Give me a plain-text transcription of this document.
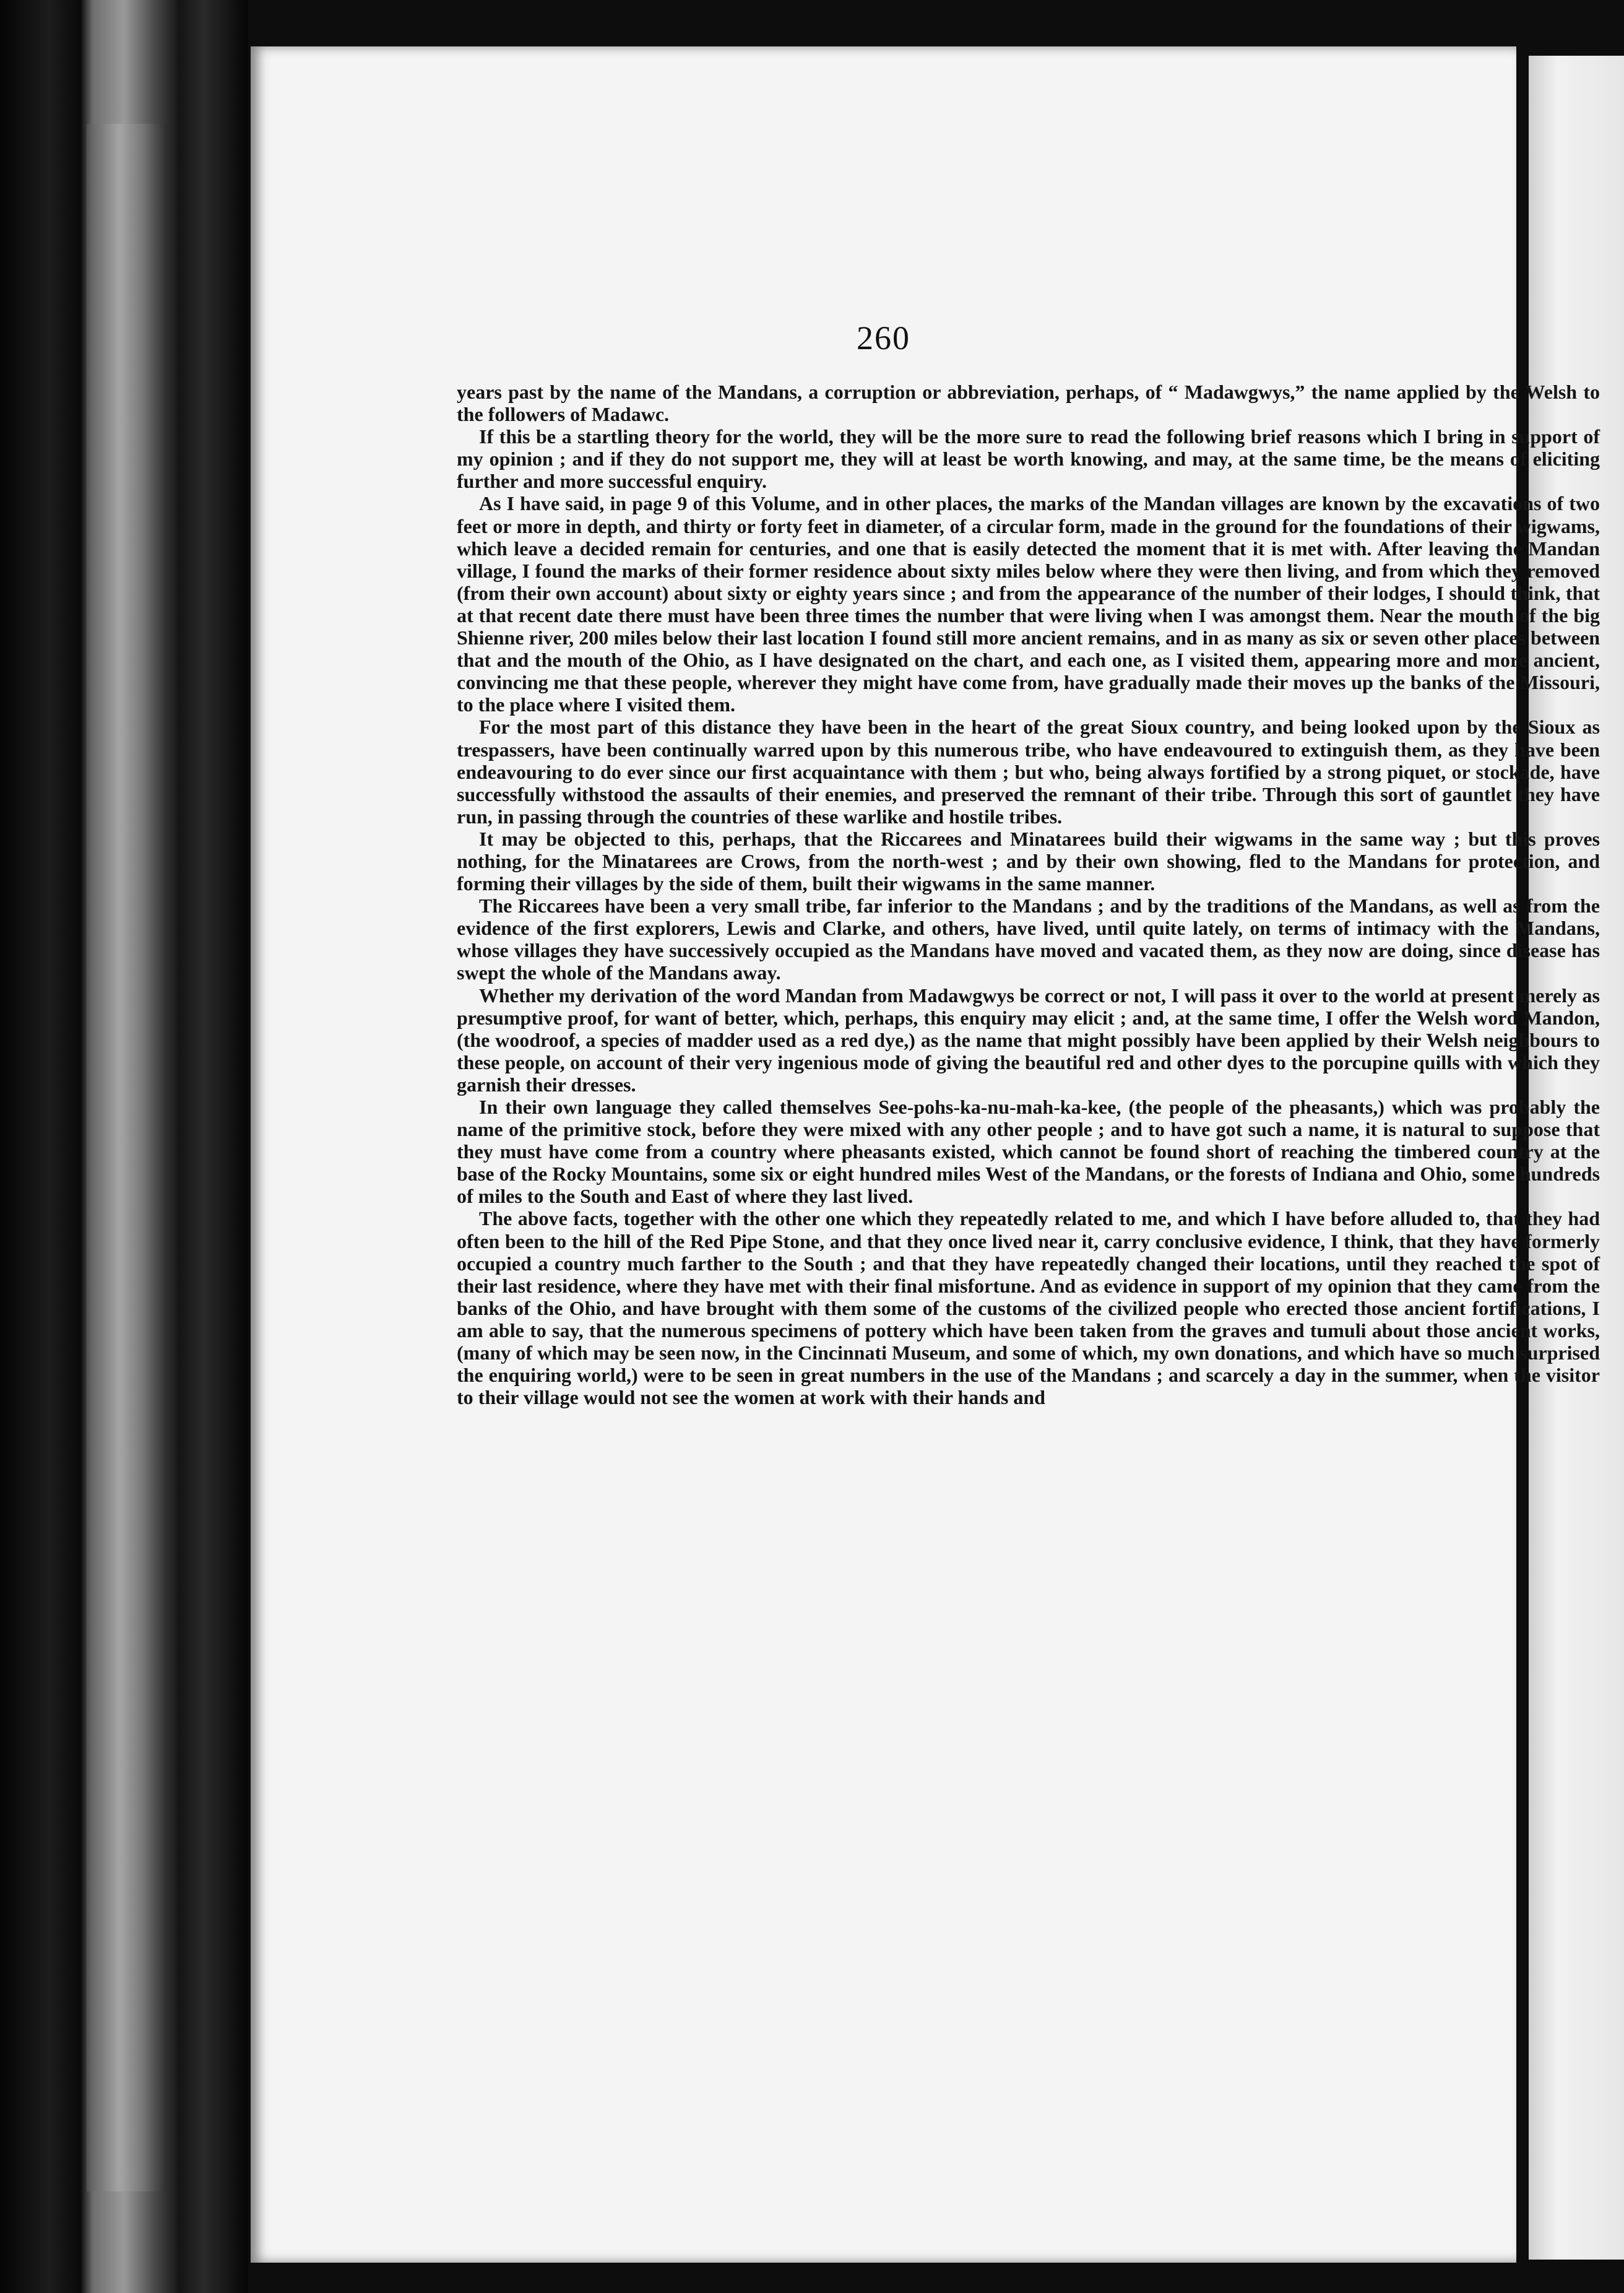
260

years past by the name of the Mandans, a corruption or abbreviation, perhaps, of “ Madawgwys,” the name applied by the Welsh to the followers of Madawc.

If this be a startling theory for the world, they will be the more sure to read the following brief reasons which I bring in support of my opinion ; and if they do not support me, they will at least be worth knowing, and may, at the same time, be the means of eliciting further and more successful enquiry.

As I have said, in page 9 of this Volume, and in other places, the marks of the Mandan villages are known by the excavations of two feet or more in depth, and thirty or forty feet in diameter, of a circular form, made in the ground for the foundations of their wigwams, which leave a decided remain for centuries, and one that is easily detected the moment that it is met with. After leaving the Mandan village, I found the marks of their former residence about sixty miles below where they were then living, and from which they removed (from their own account) about sixty or eighty years since ; and from the appearance of the number of their lodges, I should think, that at that recent date there must have been three times the number that were living when I was amongst them. Near the mouth of the big Shienne river, 200 miles below their last location I found still more ancient remains, and in as many as six or seven other places between that and the mouth of the Ohio, as I have designated on the chart, and each one, as I visited them, appearing more and more ancient, convincing me that these people, wherever they might have come from, have gradually made their moves up the banks of the Missouri, to the place where I visited them.

For the most part of this distance they have been in the heart of the great Sioux country, and being looked upon by the Sioux as trespassers, have been continually warred upon by this numerous tribe, who have endeavoured to extinguish them, as they have been endeavouring to do ever since our first acquaintance with them ; but who, being always fortified by a strong piquet, or stockade, have successfully withstood the assaults of their enemies, and preserved the remnant of their tribe. Through this sort of gauntlet they have run, in passing through the countries of these warlike and hostile tribes.

It may be objected to this, perhaps, that the Riccarees and Minatarees build their wigwams in the same way ; but this proves nothing, for the Minatarees are Crows, from the north-west ; and by their own showing, fled to the Mandans for protection, and forming their villages by the side of them, built their wigwams in the same manner.

The Riccarees have been a very small tribe, far inferior to the Mandans ; and by the traditions of the Mandans, as well as from the evidence of the first explorers, Lewis and Clarke, and others, have lived, until quite lately, on terms of intimacy with the Mandans, whose villages they have successively occupied as the Mandans have moved and vacated them, as they now are doing, since disease has swept the whole of the Mandans away.

Whether my derivation of the word Mandan from Madawgwys be correct or not, I will pass it over to the world at present merely as presumptive proof, for want of better, which, perhaps, this enquiry may elicit ; and, at the same time, I offer the Welsh word Mandon, (the woodroof, a species of madder used as a red dye,) as the name that might possibly have been applied by their Welsh neighbours to these people, on account of their very ingenious mode of giving the beautiful red and other dyes to the porcupine quills with which they garnish their dresses.

In their own language they called themselves See-pohs-ka-nu-mah-ka-kee, (the people of the pheasants,) which was probably the name of the primitive stock, before they were mixed with any other people ; and to have got such a name, it is natural to suppose that they must have come from a country where pheasants existed, which cannot be found short of reaching the timbered country at the base of the Rocky Mountains, some six or eight hundred miles West of the Mandans, or the forests of Indiana and Ohio, some hundreds of miles to the South and East of where they last lived.

The above facts, together with the other one which they repeatedly related to me, and which I have before alluded to, that they had often been to the hill of the Red Pipe Stone, and that they once lived near it, carry conclusive evidence, I think, that they have formerly occupied a country much farther to the South ; and that they have repeatedly changed their locations, until they reached the spot of their last residence, where they have met with their final misfortune. And as evidence in support of my opinion that they came from the banks of the Ohio, and have brought with them some of the customs of the civilized people who erected those ancient fortifications, I am able to say, that the numerous specimens of pottery which have been taken from the graves and tumuli about those ancient works, (many of which may be seen now, in the Cincinnati Museum, and some of which, my own donations, and which have so much surprised the enquiring world,) were to be seen in great numbers in the use of the Mandans ; and scarcely a day in the summer, when the visitor to their village would not see the women at work with their hands and
